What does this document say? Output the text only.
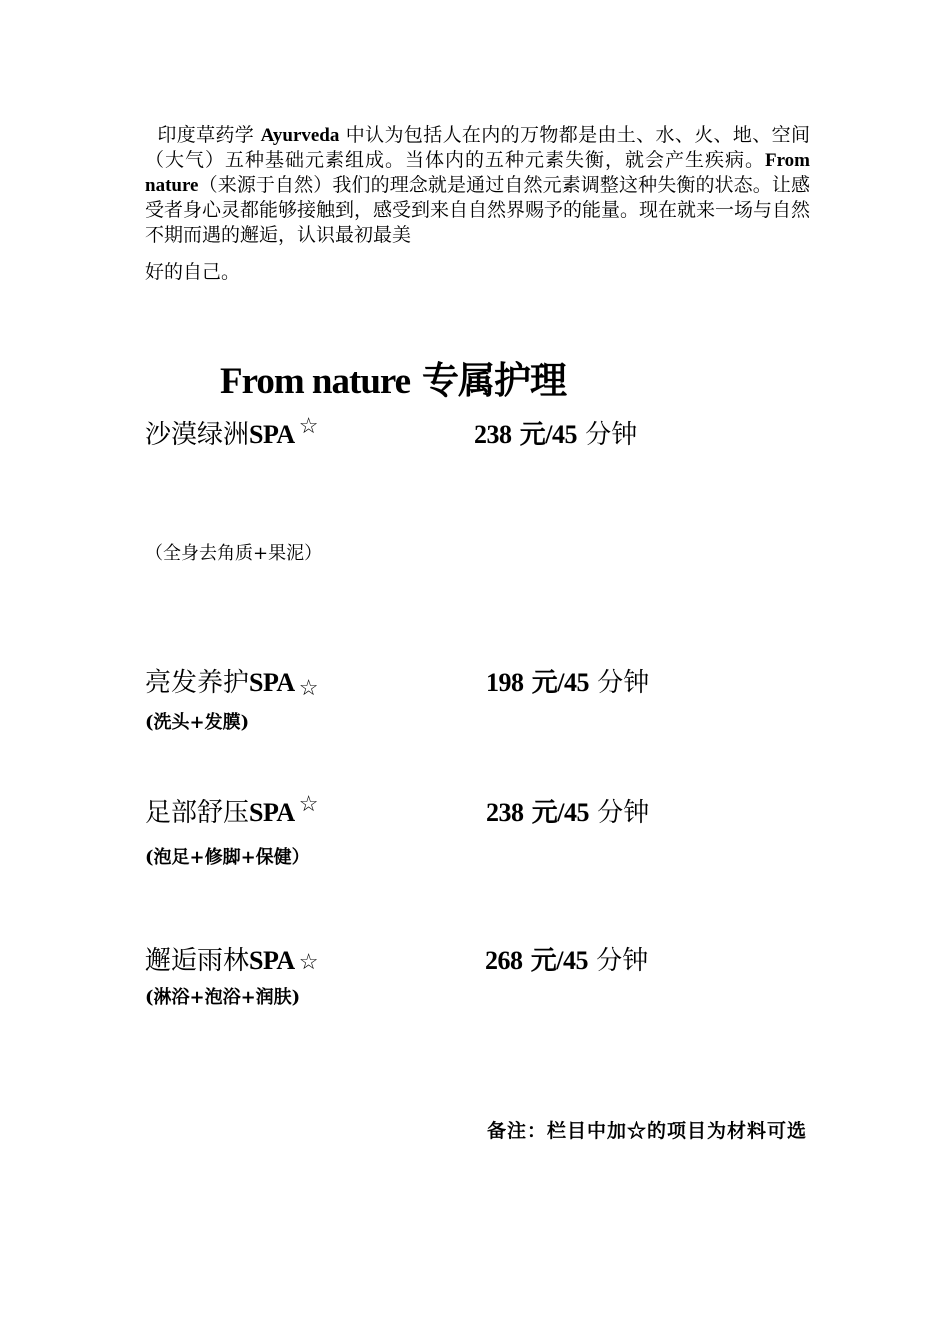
印度草药学 Ayurveda 中认为包括人在内的万物都是由土、水、火、地、空间（大气）五种基础元素组成。当体内的五种元素失衡，就会产生疾病。From nature（来源于自然）我们的理念就是通过自然元素调整这种失衡的状态。让感受者身心灵都能够接触到，感受到来自自然界赐予的能量。现在就来一场与自然不期而遇的邂逅，认识最初最美
好的自己。
From nature 专属护理
沙漠绿洲SPA ☆	238 元/45 分钟
（全身去角质+果泥）
亮发养护SPA ☆	198 元/45 分钟
(洗头+发膜)
足部舒压SPA ☆	238 元/45 分钟
(泡足+修脚+保健）
邂逅雨林SPA ☆	268 元/45 分钟
(淋浴+泡浴+润肤)
备注：栏目中加☆的项目为材料可选
